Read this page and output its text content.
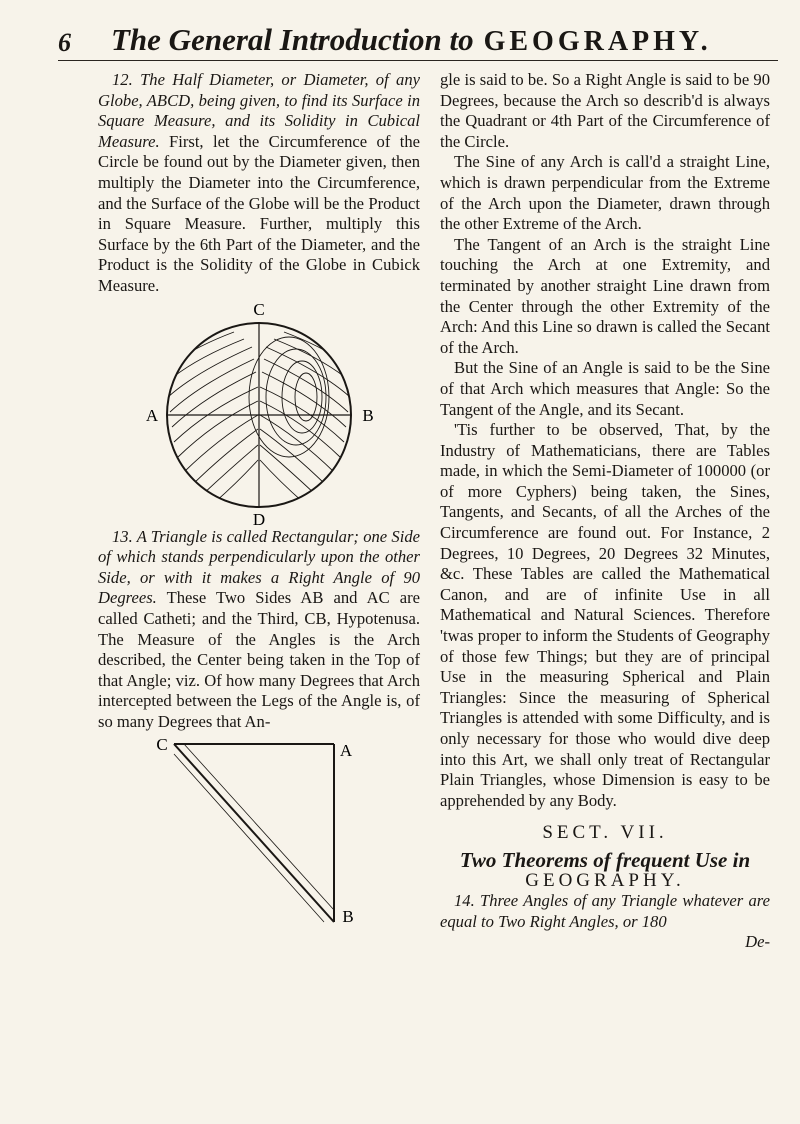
6 The General Introduction to GEOGRAPHY.

12. The Half Diameter, or Diameter, of any Globe, ABCD, being given, to find its Surface in Square Measure, and its Solidity in Cubical Measure. First, let the Circumference of the Circle be found out by the Diameter given, then multiply the Diameter into the Circumference, and the Surface of the Globe will be the Product in Square Measure. Further, multiply this Surface by the 6th Part of the Diameter, and the Product is the Solidity of the Globe in Cubick Measure.

C
A	B
D

13. A Triangle is called Rectangular; one Side of which stands perpendicularly upon the other Side, or with it makes a Right Angle of 90 Degrees. These Two Sides AB and AC are called Catheti; and the Third, CB, Hypotenusa. The Measure of the Angles is the Arch described, the Center being taken in the Top of that Angle; viz. Of how many Degrees that Arch intercepted between the Legs of the Angle is, of so many Degrees that An-

C	A
B

gle is said to be. So a Right Angle is said to be 90 Degrees, because the Arch so describ'd is always the Quadrant or 4th Part of the Circumference of the Circle.

The Sine of any Arch is call'd a straight Line, which is drawn perpendicular from the Extreme of the Arch upon the Diameter, drawn through the other Extreme of the Arch.

The Tangent of an Arch is the straight Line touching the Arch at one Extremity, and terminated by another straight Line drawn from the Center through the other Extremity of the Arch: And this Line so drawn is called the Secant of the Arch.

But the Sine of an Angle is said to be the Sine of that Arch which measures that Angle: So the Tangent of the Angle, and its Secant.

'Tis further to be observed, That, by the Industry of Mathematicians, there are Tables made, in which the Semi-Diameter of 100000 (or of more Cyphers) being taken, the Sines, Tangents, and Secants, of all the Arches of the Circumference are found out. For Instance, 2 Degrees, 10 Degrees, 20 Degrees 32 Minutes, &c. These Tables are called the Mathematical Canon, and are of infinite Use in all Mathematical and Natural Sciences. Therefore 'twas proper to inform the Students of Geography of those few Things; but they are of principal Use in the measuring Spherical and Plain Triangles: Since the measuring of Spherical Triangles is attended with some Difficulty, and is only necessary for those who would dive deep into this Art, we shall only treat of Rectangular Plain Triangles, whose Dimension is easy to be apprehended by any Body.

SECT. VII.
Two Theorems of frequent Use in
GEOGRAPHY.

14. Three Angles of any Triangle whatever are equal to Two Right Angles, or 180

De-
